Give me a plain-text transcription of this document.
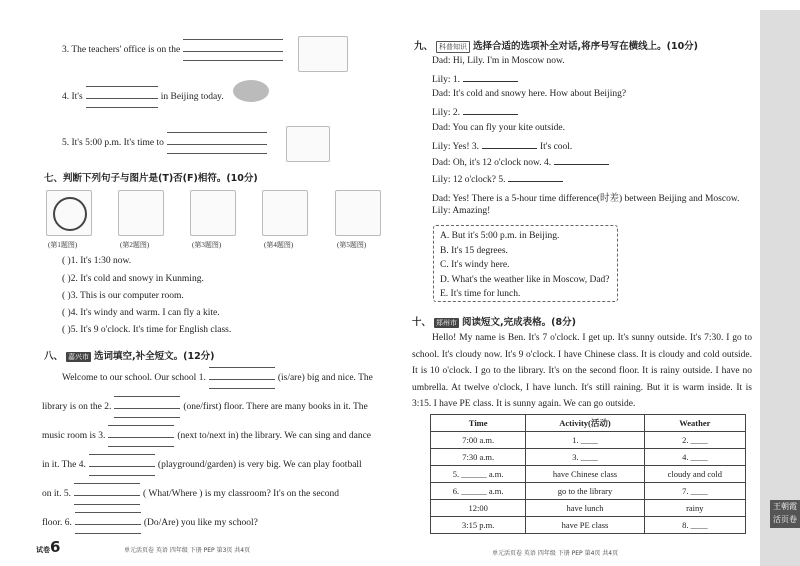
王朝霞
活页卷
3. The teachers' office is on the
4. It's	in Beijing today.
5. It's 5:00 p.m. It's time to
七、判断下列句子与图片是(T)否(F)相符。(10分)
(第1题图)	(第2题图)	(第3题图)	(第4题图)	(第5题图)
( )1. It's 1:30 now.
( )2. It's cold and snowy in Kunming.
( )3. This is our computer room.
( )4. It's windy and warm. I can fly a kite.
( )5. It's 9 o'clock. It's time for English class.
八、 嘉兴市 选词填空,补全短文。(12分)
Welcome to our school. Our school 1.	(is/are) big and nice. The
library is on the 2.	(one/first) floor. There are many books in it. The
music room is 3.	(next to/next in) the library. We can sing and dance
in it. The 4.	(playground/garden) is very big. We can play football
on it. 5.	( What/Where ) is my classroom? It's on the second
floor. 6.	(Do/Are) you like my school?
试卷6	单元活页卷 英语 四年级 下册 PEP 第3页 共4页
九、 科普知识 选择合适的选项补全对话,将序号写在横线上。(10分)
Dad: Hi, Lily. I'm in Moscow now.
Lily: 1.
Dad: It's cold and snowy here. How about Beijing?
Lily: 2.
Dad: You can fly your kite outside.
Lily: Yes! 3.	It's cool.
Dad: Oh, it's 12 o'clock now. 4.
Lily: 12 o'clock? 5.
Dad: Yes! There is a 5-hour time difference(时差) between Beijing and Moscow.
Lily: Amazing!
A. But it's 5:00 p.m. in Beijing.
B. It's 15 degrees.
C. It's windy here.
D. What's the weather like in Moscow, Dad?
E. It's time for lunch.
十、 郑州市 阅读短文,完成表格。(8分)
Hello! My name is Ben. It's 7 o'clock. I get up. It's sunny outside. It's 7:30. I go to school. It's cloudy now. It's 9 o'clock. I have Chinese class. It is cloudy and cold outside. It is 10 o'clock. I go to the library. It's on the second floor. It is rainy outside. I have no umbrella. At twelve o'clock, I have lunch. It's still raining. But it is warm inside. It is 3:15. I have PE class. It is sunny again. We can go outside.
Time	Activity(活动)	Weather
7:00 a.m.	1. ____	2. ____
7:30 a.m.	3. ____	4. ____
5. ______ a.m.	have Chinese class	cloudy and cold
6. ______ a.m.	go to the library	7. ____
12:00	have lunch	rainy
3:15 p.m.	have PE class	8. ____
单元活页卷 英语 四年级 下册 PEP 第4页 共4页
